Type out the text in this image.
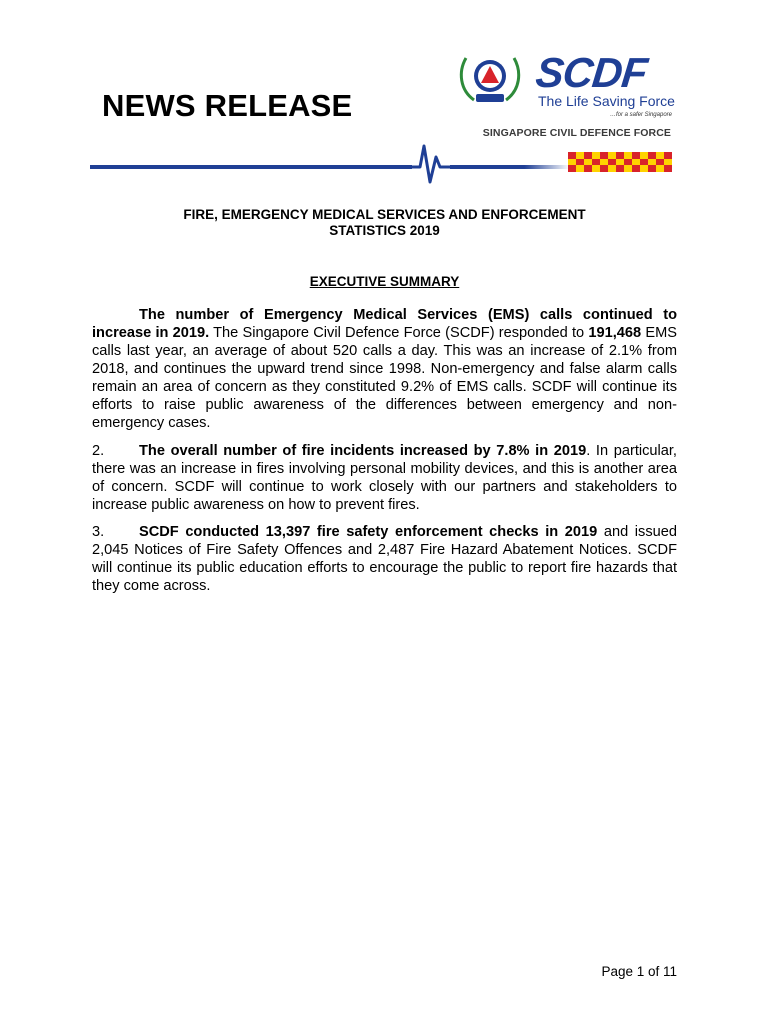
NEWS RELEASE
SCDF
The Life Saving Force
…for a safer Singapore
SINGAPORE CIVIL DEFENCE FORCE
FIRE, EMERGENCY MEDICAL SERVICES AND ENFORCEMENT
STATISTICS 2019
EXECUTIVE SUMMARY

The number of Emergency Medical Services (EMS) calls continued to increase in 2019. The Singapore Civil Defence Force (SCDF) responded to 191,468 EMS calls last year, an average of about 520 calls a day. This was an increase of 2.1% from 2018, and continues the upward trend since 1998. Non-emergency and false alarm calls remain an area of concern as they constituted 9.2% of EMS calls. SCDF will continue its efforts to raise public awareness of the differences between emergency and non-emergency cases.

2. The overall number of fire incidents increased by 7.8% in 2019. In particular, there was an increase in fires involving personal mobility devices, and this is another area of concern. SCDF will continue to work closely with our partners and stakeholders to increase public awareness on how to prevent fires.

3. SCDF conducted 13,397 fire safety enforcement checks in 2019 and issued 2,045 Notices of Fire Safety Offences and 2,487 Fire Hazard Abatement Notices. SCDF will continue its public education efforts to encourage the public to report fire hazards that they come across.

Page 1 of 11
